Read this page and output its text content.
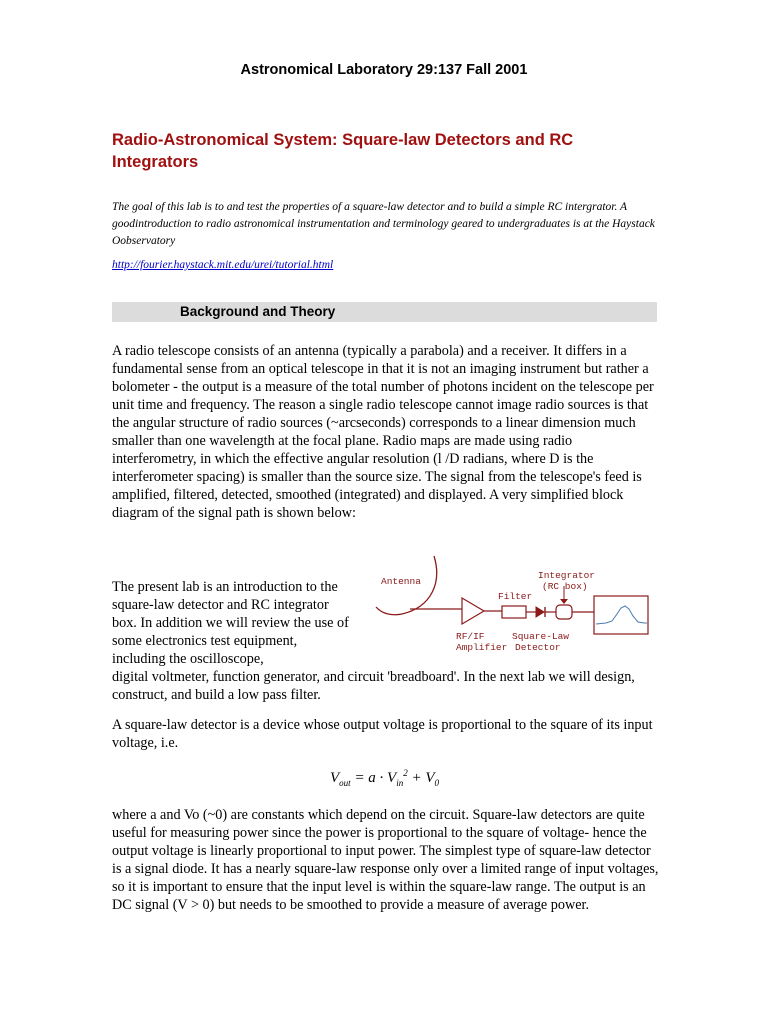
Astronomical Laboratory 29:137 Fall 2001
Radio-Astronomical System: Square-law Detectors and RC Integrators
The goal of this lab is to and test the properties of a square-law detector and to build a simple RC intergrator. A goodintroduction to radio astronomical instrumentation and terminology geared to undergraduates is at the Haystack Oobservatory
http://fourier.haystack.mit.edu/urei/tutorial.html
Background and Theory
A radio telescope consists of an antenna (typically a parabola) and a receiver. It differs in a fundamental sense from an optical telescope in that it is not an imaging instrument but rather a bolometer - the output is a measure of the total number of photons incident on the telescope per unit time and frequency. The reason a single radio telescope cannot image radio sources is that the angular structure of radio sources (~arcseconds) corresponds to a linear dimension much smaller than one wavelength at the focal plane. Radio maps are made using radio interferometry, in which the effective angular resolution (l /D radians, where D is the interferometer spacing) is smaller than the source size. The signal from the telescope's feed is amplified, filtered, detected, smoothed (integrated) and displayed. A very simplified block diagram of the signal path is shown below:
The present lab is an introduction to the square-law detector and RC integrator box. In addition we will review the use of some electronics test equipment, including the oscilloscope,
Antenna
Filter
Integrator
(RC box)
RF/IF
Amplifier
Square-Law
Detector
digital voltmeter, function generator, and circuit 'breadboard'. In the next lab we will design, construct, and build a low pass filter.
A square-law detector is a device whose output voltage is proportional to the square of its input voltage, i.e.
$V_{out} = a \cdot V_{in}^2 + V_0$
where a and Vo (~0) are constants which depend on the circuit. Square-law detectors are quite useful for measuring power since the power is proportional to the square of voltage- hence the output voltage is linearly proportional to input power. The simplest type of square-law detector is a signal diode. It has a nearly square-law response only over a limited range of input voltages, so it is important to ensure that the input level is within the square-law range. The output is an DC signal (V > 0) but needs to be smoothed to provide a measure of average power.
